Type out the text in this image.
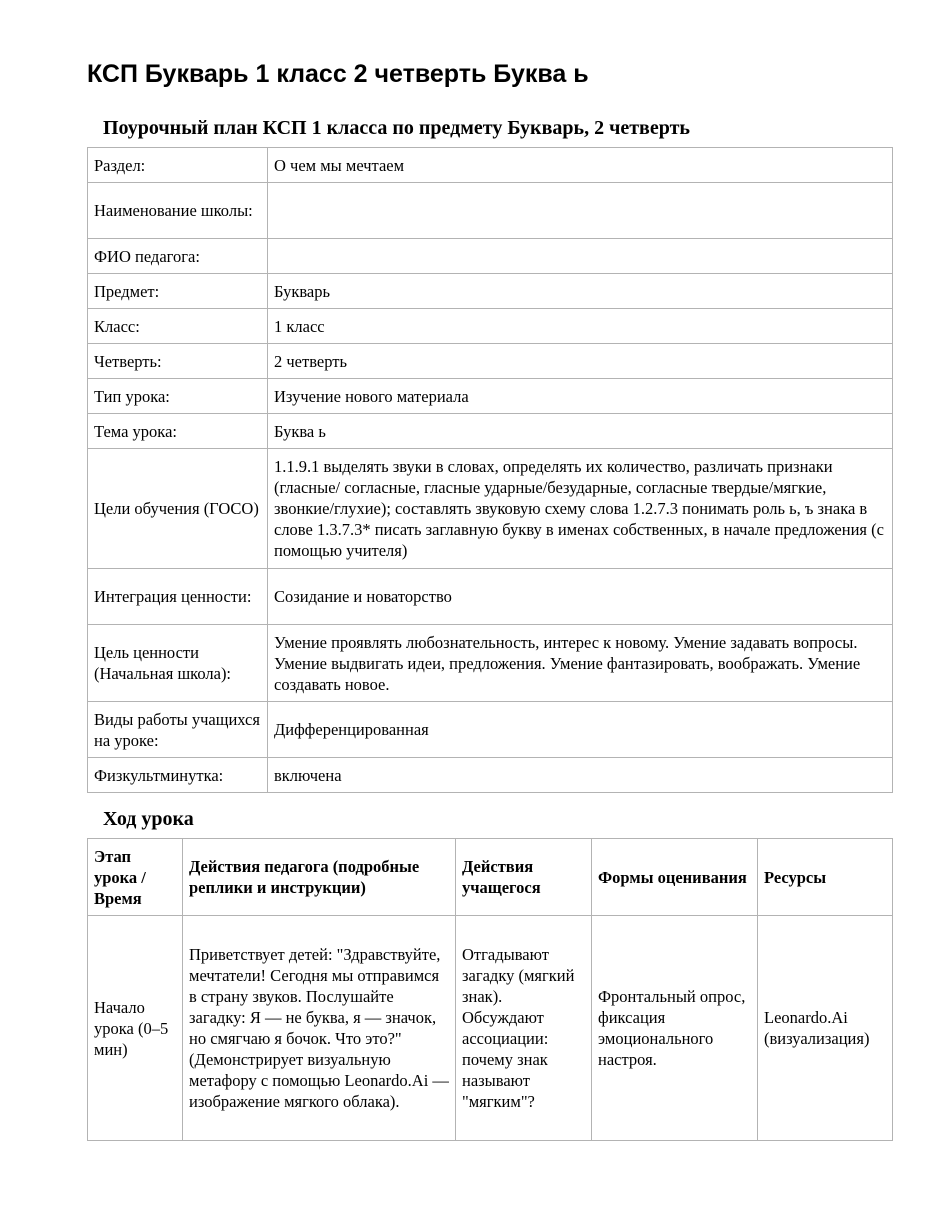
КСП Букварь 1 класс 2 четверть Буква ь
Поурочный план КСП 1 класса по предмету Букварь, 2 четверть
Раздел:	О чем мы мечтаем
Наименование школы:	
ФИО педагога:	
Предмет:	Букварь
Класс:	1 класс
Четверть:	2 четверть
Тип урока:	Изучение нового материала
Тема урока:	Буква ь
Цели обучения (ГОСО)	1.1.9.1 выделять звуки в словах, определять их количество, различать признаки (гласные/ согласные, гласные ударные/безударные, согласные твердые/мягкие, звонкие/глухие); составлять звуковую схему слова 1.2.7.3 понимать роль ь, ъ знака в слове 1.3.7.3* писать заглавную букву в именах собственных, в начале предложения (с помощью учителя)
Интеграция ценности:	Созидание и новаторство
Цель ценности (Начальная школа):	Умение проявлять любознательность, интерес к новому. Умение задавать вопросы. Умение выдвигать идеи, предложения. Умение фантазировать, воображать. Умение создавать новое.
Виды работы учащихся на уроке:	Дифференцированная
Физкультминутка:	включена
Ход урока
Этап урока / Время	Действия педагога (подробные реплики и инструкции)	Действия учащегося	Формы оценивания	Ресурсы
Начало урока (0–5 мин)	Приветствует детей: "Здравствуйте, мечтатели! Сегодня мы отправимся в страну звуков. Послушайте загадку: Я — не буква, я — значок, но смягчаю я бочок. Что это?" (Демонстрирует визуальную метафору с помощью Leonardo.Ai — изображение мягкого облака).	Отгадывают загадку (мягкий знак). Обсуждают ассоциации: почему знак называют "мягким"?	Фронтальный опрос, фиксация эмоционального настроя.	Leonardo.Ai (визуализация)
